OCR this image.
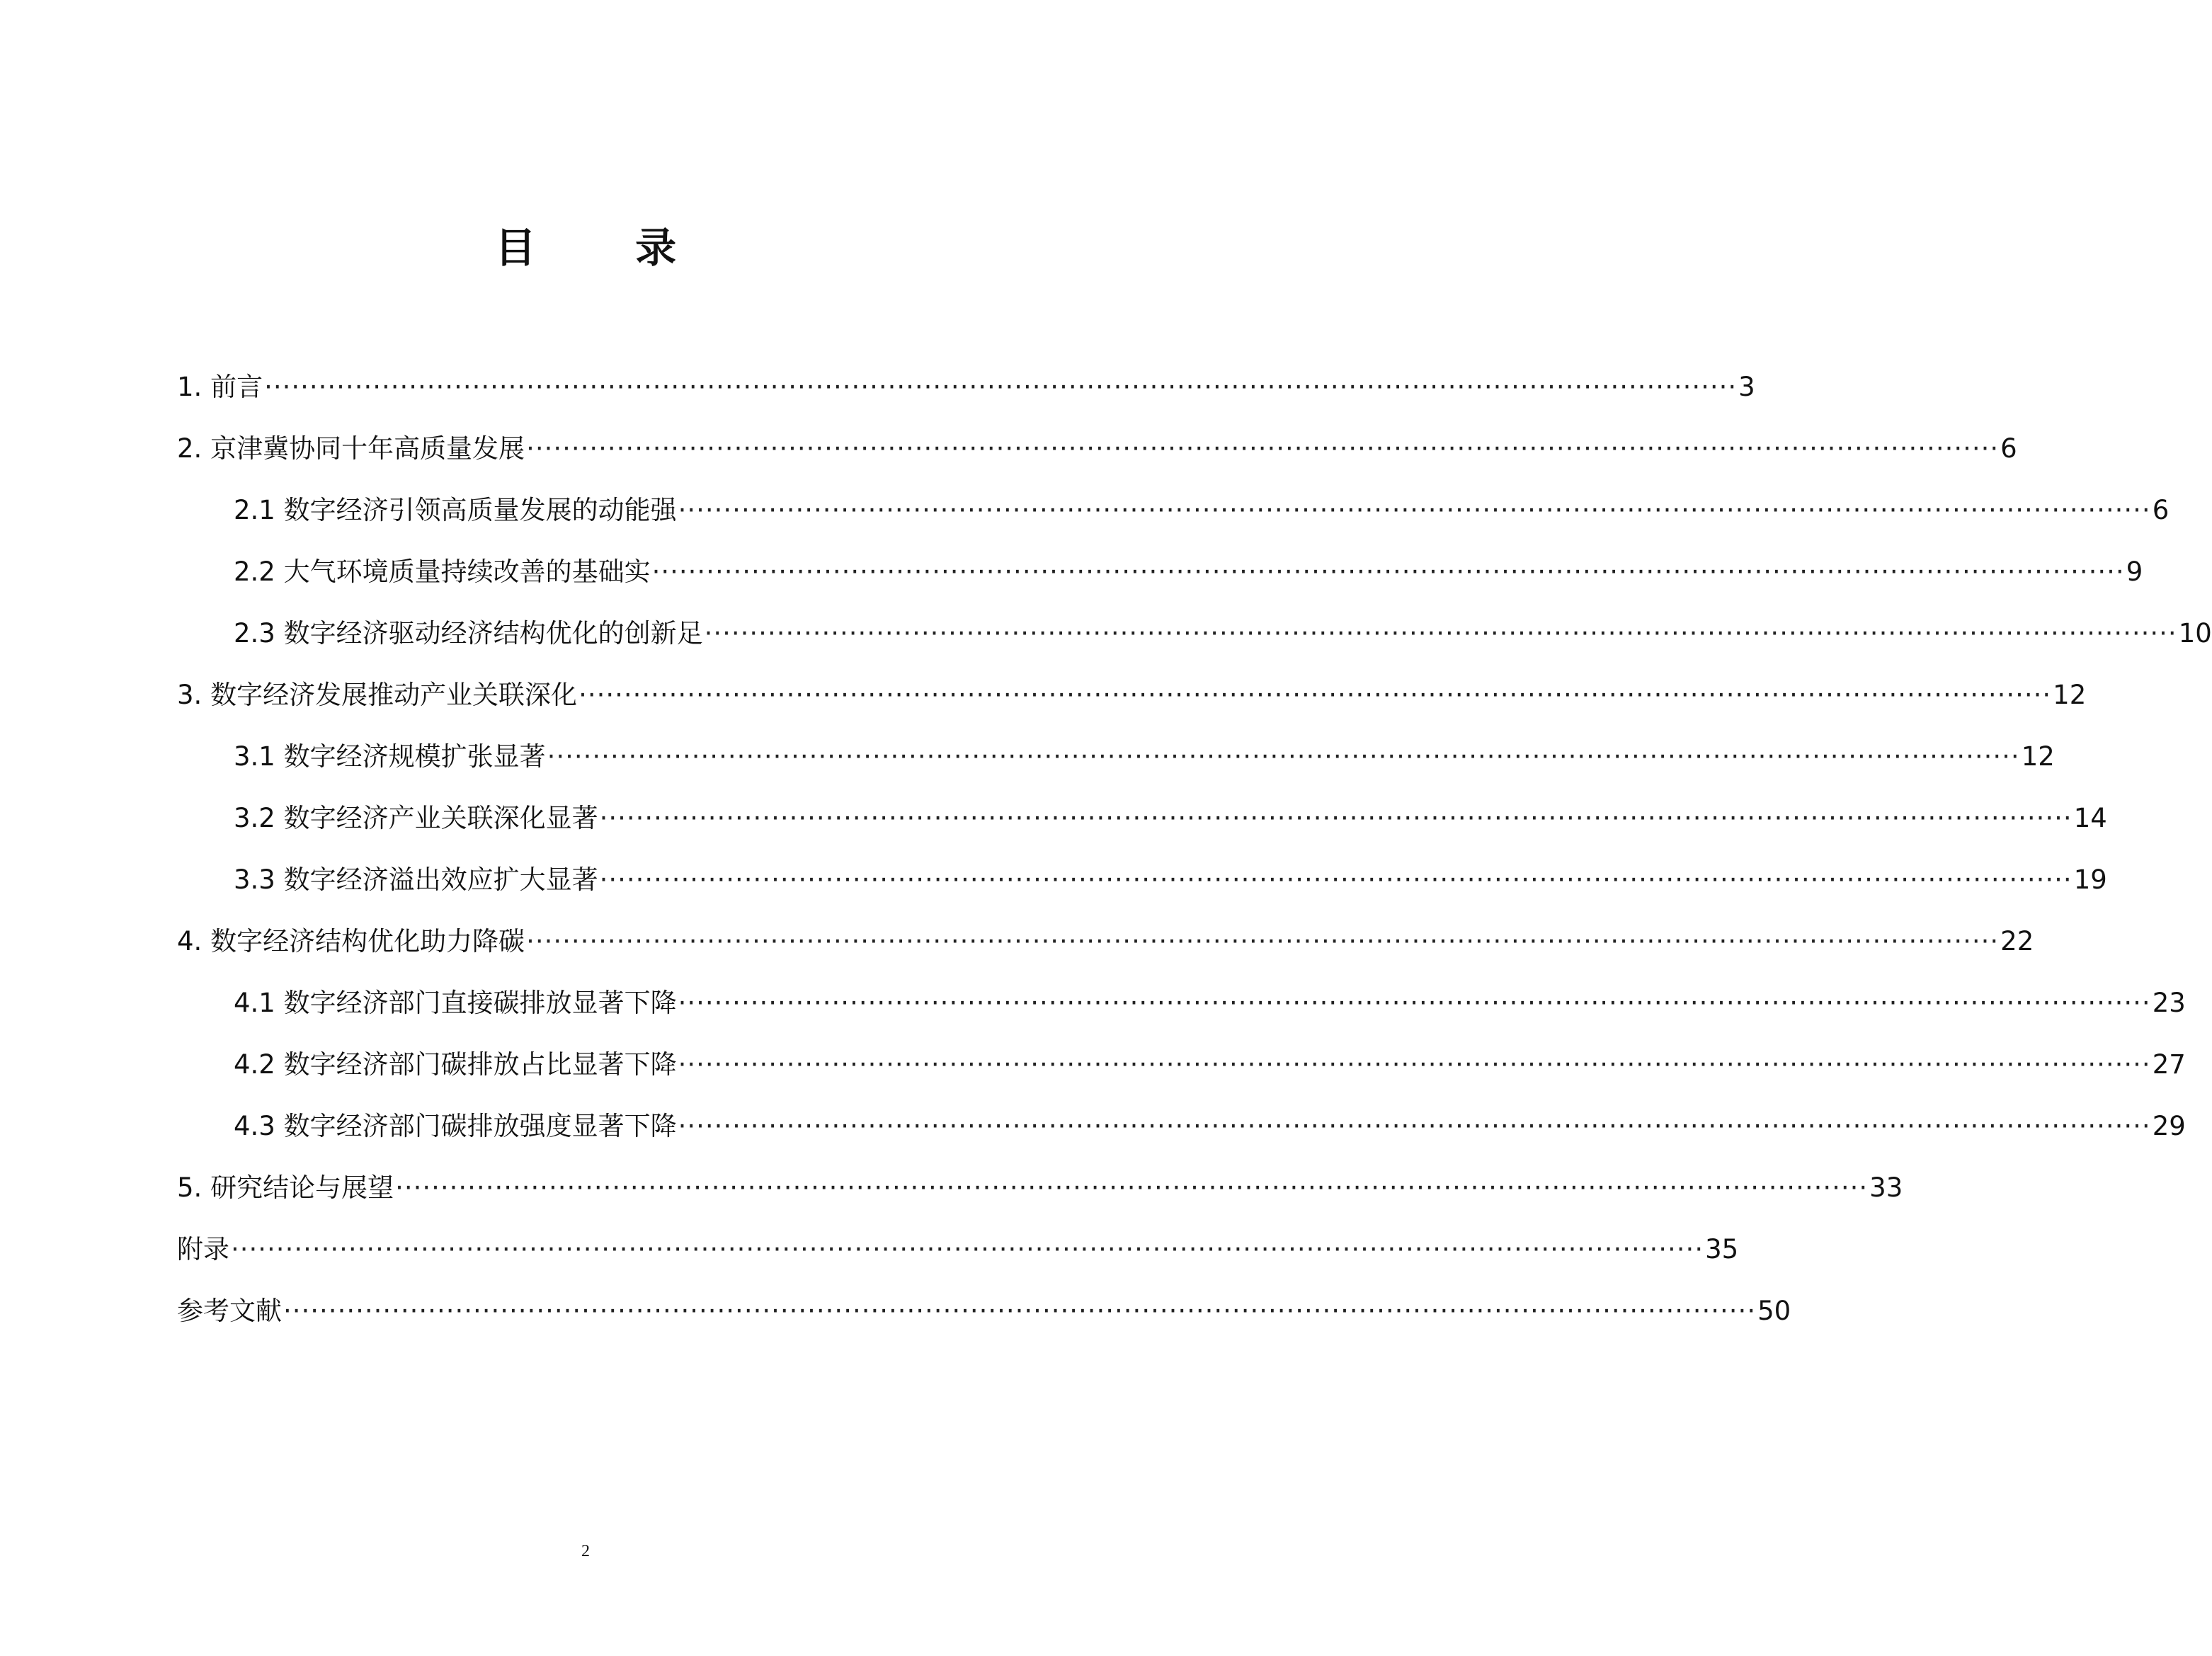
目 录
1. 前言 ··································································································································································· 3
2. 京津冀协同十年高质量发展 ··································································································································································· 6
2.1 数字经济引领高质量发展的动能强 ··································································································································································· 6
2.2 大气环境质量持续改善的基础实 ··································································································································································· 9
2.3 数字经济驱动经济结构优化的创新足 ··································································································································································· 10
3. 数字经济发展推动产业关联深化 ··································································································································································· 12
3.1 数字经济规模扩张显著 ··································································································································································· 12
3.2 数字经济产业关联深化显著 ··································································································································································· 14
3.3 数字经济溢出效应扩大显著 ··································································································································································· 19
4. 数字经济结构优化助力降碳 ··································································································································································· 22
4.1 数字经济部门直接碳排放显著下降 ··································································································································································· 23
4.2 数字经济部门碳排放占比显著下降 ··································································································································································· 27
4.3 数字经济部门碳排放强度显著下降 ··································································································································································· 29
5. 研究结论与展望 ··································································································································································· 33
附录 ··································································································································································· 35
参考文献 ··································································································································································· 50
2
